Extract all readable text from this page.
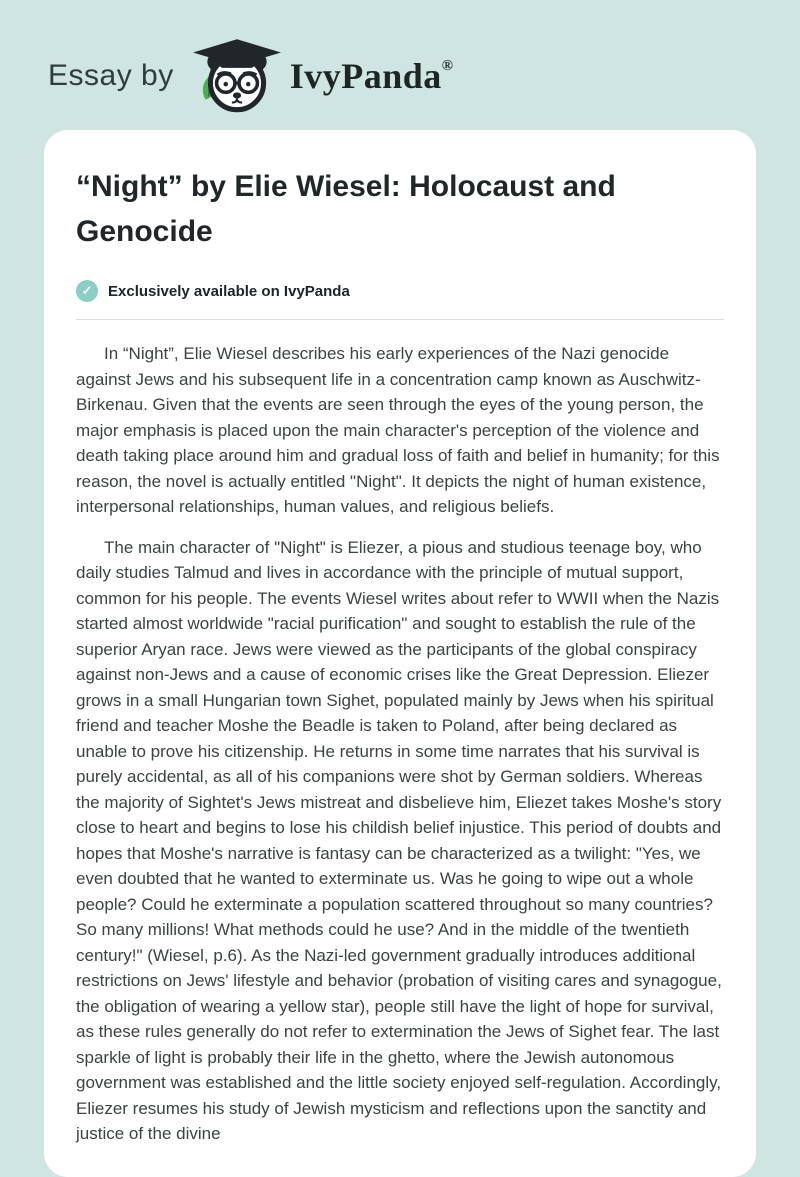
Essay by	IvyPanda®
“Night” by Elie Wiesel: Holocaust and Genocide
✓	Exclusively available on IvyPanda

In “Night”, Elie Wiesel describes his early experiences of the Nazi genocide against Jews and his subsequent life in a concentration camp known as Auschwitz-Birkenau. Given that the events are seen through the eyes of the young person, the major emphasis is placed upon the main character's perception of the violence and death taking place around him and gradual loss of faith and belief in humanity; for this reason, the novel is actually entitled "Night". It depicts the night of human existence, interpersonal relationships, human values, and religious beliefs.

The main character of "Night" is Eliezer, a pious and studious teenage boy, who daily studies Talmud and lives in accordance with the principle of mutual support, common for his people. The events Wiesel writes about refer to WWII when the Nazis started almost worldwide "racial purification" and sought to establish the rule of the superior Aryan race. Jews were viewed as the participants of the global conspiracy against non-Jews and a cause of economic crises like the Great Depression. Eliezer grows in a small Hungarian town Sighet, populated mainly by Jews when his spiritual friend and teacher Moshe the Beadle is taken to Poland, after being declared as unable to prove his citizenship. He returns in some time narrates that his survival is purely accidental, as all of his companions were shot by German soldiers. Whereas the majority of Sightet's Jews mistreat and disbelieve him, Eliezet takes Moshe's story close to heart and begins to lose his childish belief injustice. This period of doubts and hopes that Moshe's narrative is fantasy can be characterized as a twilight: "Yes, we even doubted that he wanted to exterminate us. Was he going to wipe out a whole people? Could he exterminate a population scattered throughout so many countries? So many millions! What methods could he use? And in the middle of the twentieth century!" (Wiesel, p.6). As the Nazi-led government gradually introduces additional restrictions on Jews' lifestyle and behavior (probation of visiting cares and synagogue, the obligation of wearing a yellow star), people still have the light of hope for survival, as these rules generally do not refer to extermination the Jews of Sighet fear. The last sparkle of light is probably their life in the ghetto, where the Jewish autonomous government was established and the little society enjoyed self-regulation. Accordingly, Eliezer resumes his study of Jewish mysticism and reflections upon the sanctity and justice of the divine
